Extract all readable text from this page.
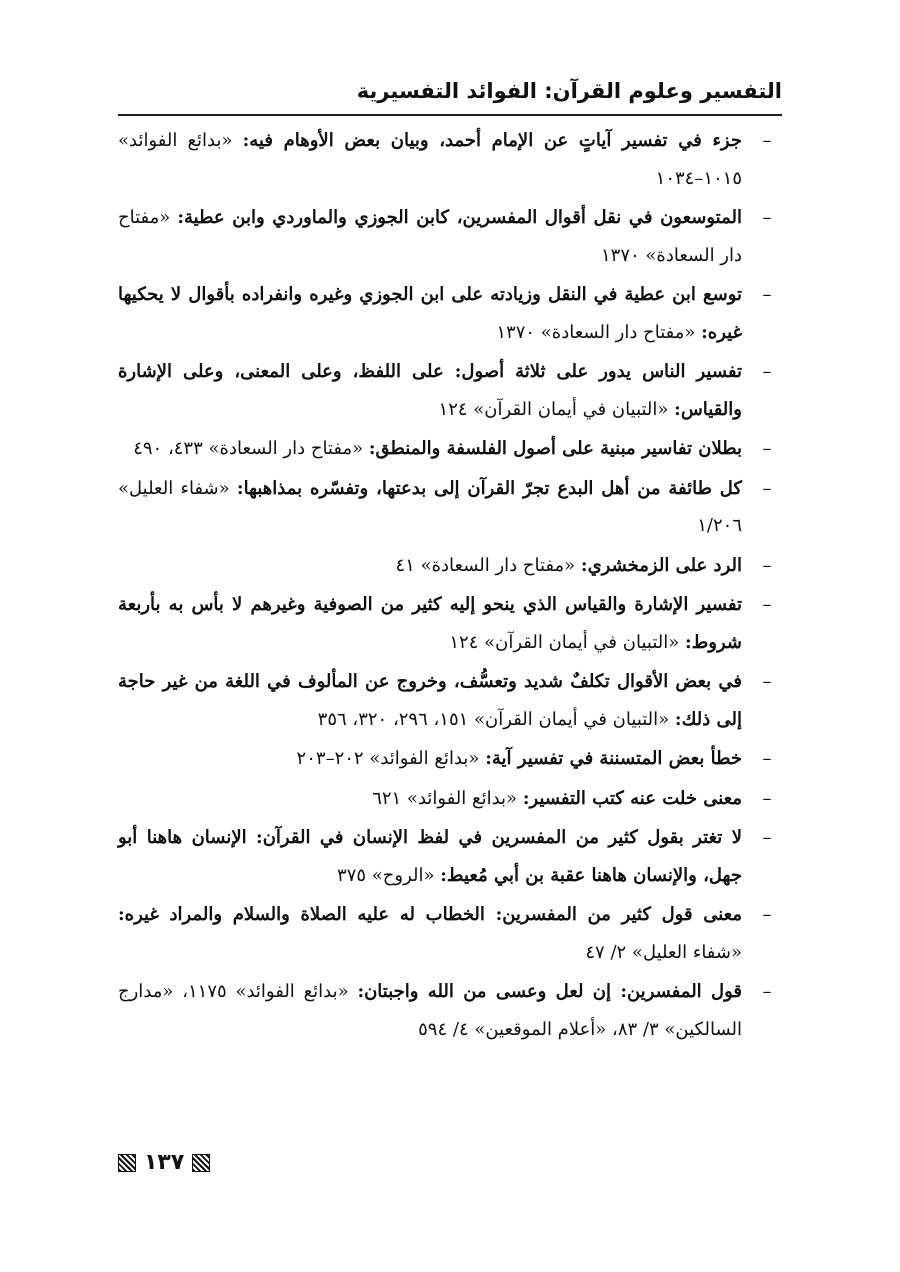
التفسير وعلوم القرآن: الفوائد التفسيرية
–
جزء في تفسير آياتٍ عن الإمام أحمد، وبيان بعض الأوهام فيه: «بدائع الفوائد» ١٠١٥–١٠٣٤
–
المتوسعون في نقل أقوال المفسرين، كابن الجوزي والماوردي وابن عطية: «مفتاح دار السعادة» ١٣٧٠
–
توسع ابن عطية في النقل وزيادته على ابن الجوزي وغيره وانفراده بأقوال لا يحكيها غيره: «مفتاح دار السعادة» ١٣٧٠
–
تفسير الناس يدور على ثلاثة أصول: على اللفظ، وعلى المعنى، وعلى الإشارة والقياس: «التبيان في أيمان القرآن» ١٢٤
–
بطلان تفاسير مبنية على أصول الفلسفة والمنطق: «مفتاح دار السعادة» ٤٣٣، ٤٩٠
–
كل طائفة من أهل البدع تجرّ القرآن إلى بدعتها، وتفسّره بمذاهبها: «شفاء العليل» ١/٢٠٦
–
الرد على الزمخشري: «مفتاح دار السعادة» ٤١
–
تفسير الإشارة والقياس الذي ينحو إليه كثير من الصوفية وغيرهم لا بأس به بأربعة شروط: «التبيان في أيمان القرآن» ١٢٤
–
في بعض الأقوال تكلفٌ شديد وتعسُّف، وخروج عن المألوف في اللغة من غير حاجة إلى ذلك: «التبيان في أيمان القرآن» ١٥١، ٢٩٦، ٣٢٠، ٣٥٦
–
خطأ بعض المتسننة في تفسير آية: «بدائع الفوائد» ٢٠٢–٢٠٣
–
معنى خلت عنه كتب التفسير: «بدائع الفوائد» ٦٢١
–
لا تغتر بقول كثير من المفسرين في لفظ الإنسان في القرآن: الإنسان هاهنا أبو جهل، والإنسان هاهنا عقبة بن أبي مُعيط: «الروح» ٣٧٥
–
معنى قول كثير من المفسرين: الخطاب له عليه الصلاة والسلام والمراد غيره: «شفاء العليل» ٢/ ٤٧
–
قول المفسرين: إن لعل وعسى من الله واجبتان: «بدائع الفوائد» ١١٧٥، «مدارج السالكين» ٣/ ٨٣، «أعلام الموقعين» ٤/ ٥٩٤
١٣٧
